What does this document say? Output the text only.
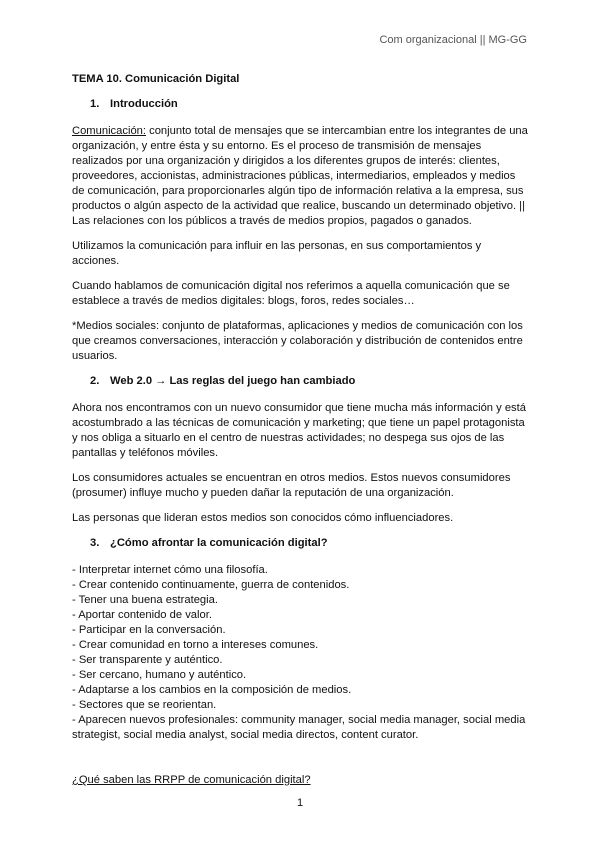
Com organizacional || MG-GG
TEMA 10. Comunicación Digital
1. Introducción

Comunicación: conjunto total de mensajes que se intercambian entre los integrantes de una organización, y entre ésta y su entorno. Es el proceso de transmisión de mensajes realizados por una organización y dirigidos a los diferentes grupos de interés: clientes, proveedores, accionistas, administraciones públicas, intermediarios, empleados y medios de comunicación, para proporcionarles algún tipo de información relativa a la empresa, sus productos o algún aspecto de la actividad que realice, buscando un determinado objetivo. || Las relaciones con los públicos a través de medios propios, pagados o ganados.

Utilizamos la comunicación para influir en las personas, en sus comportamientos y acciones.

Cuando hablamos de comunicación digital nos referimos a aquella comunicación que se establece a través de medios digitales: blogs, foros, redes sociales…

*Medios sociales: conjunto de plataformas, aplicaciones y medios de comunicación con los que creamos conversaciones, interacción y colaboración y distribución de contenidos entre usuarios.

2. Web 2.0 → Las reglas del juego han cambiado

Ahora nos encontramos con un nuevo consumidor que tiene mucha más información y está acostumbrado a las técnicas de comunicación y marketing; que tiene un papel protagonista y nos obliga a situarlo en el centro de nuestras actividades; no despega sus ojos de las pantallas y teléfonos móviles.

Los consumidores actuales se encuentran en otros medios. Estos nuevos consumidores (prosumer) influye mucho y pueden dañar la reputación de una organización.

Las personas que lideran estos medios son conocidos cómo influenciadores.

3. ¿Cómo afrontar la comunicación digital?
- Interpretar internet cómo una filosofía.
- Crear contenido continuamente, guerra de contenidos.
- Tener una buena estrategia.
- Aportar contenido de valor.
- Participar en la conversación.
- Crear comunidad en torno a intereses comunes.
- Ser transparente y auténtico.
- Ser cercano, humano y auténtico.
- Adaptarse a los cambios en la composición de medios.
- Sectores que se reorientan.
- Aparecen nuevos profesionales: community manager, social media manager, social media strategist, social media analyst, social media directos, content curator.
¿Qué saben las RRPP de comunicación digital?
1
